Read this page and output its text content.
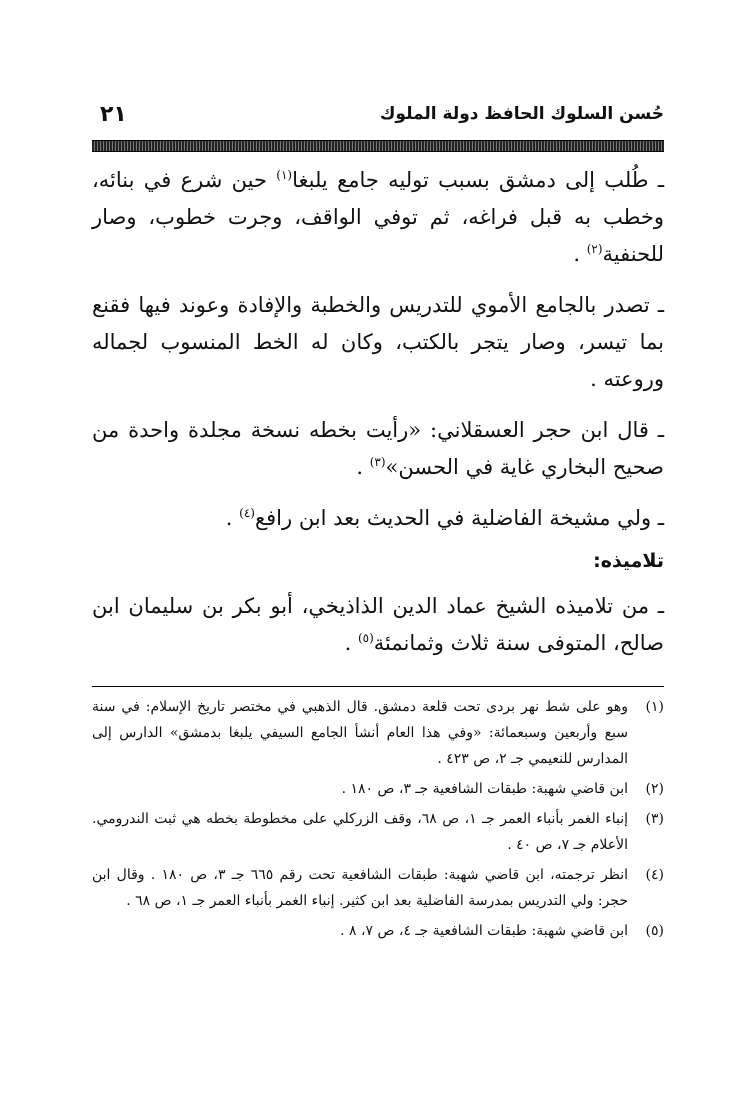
حُسن السلوك الحافظ دولة الملوك
٢١

ـ طُلب إلى دمشق بسبب توليه جامع يلبغا$^{(١)}$ حين شرع في بنائه، وخطب به قبل فراغه، ثم توفي الواقف، وجرت خطوب، وصار للحنفية$^{(٢)}$ .

ـ تصدر بالجامع الأموي للتدريس والخطبة والإفادة وعوند فيها فقنع بما تيسر، وصار يتجر بالكتب، وكان له الخط المنسوب لجماله وروعته .

ـ قال ابن حجر العسقلاني: «رأيت بخطه نسخة مجلدة واحدة من صحيح البخاري غاية في الحسن»$^{(٣)}$ .

ـ ولي مشيخة الفاضلية في الحديث بعد ابن رافع$^{(٤)}$ .

تلاميذه:

ـ من تلاميذه الشيخ عماد الدين الذاذيخي، أبو بكر بن سليمان ابن صالح، المتوفى سنة ثلاث وثمانمئة$^{(٥)}$ .

(١)
وهو على شط نهر بردى تحت قلعة دمشق. قال الذهبي في مختصر تاريخ الإسلام: في سنة سبع وأربعين وسبعمائة: «وفي هذا العام أنشأ الجامع السيفي يلبغا بدمشق» الدارس إلى المدارس للنعيمي جـ ٢، ص ٤٢٣ .
(٢)
ابن قاضي شهبة: طبقات الشافعية جـ ٣، ص ١٨٠ .
(٣)
إنباء الغمر بأنباء العمر جـ ١، ص ٦٨، وقف الزركلي على مخطوطة بخطه هي ثبت الندرومي. الأعلام جـ ٧، ص ٤٠ .
(٤)
انظر ترجمته، ابن قاضي شهبة: طبقات الشافعية تحت رقم ٦٦٥ جـ ٣، ص ١٨٠ . وقال ابن حجر: ولي التدريس بمدرسة الفاضلية بعد ابن كثير. إنباء الغمر بأنباء العمر جـ ١، ص ٦٨ .
(٥)
ابن قاضي شهبة: طبقات الشافعية جـ ٤، ص ٧، ٨ .
